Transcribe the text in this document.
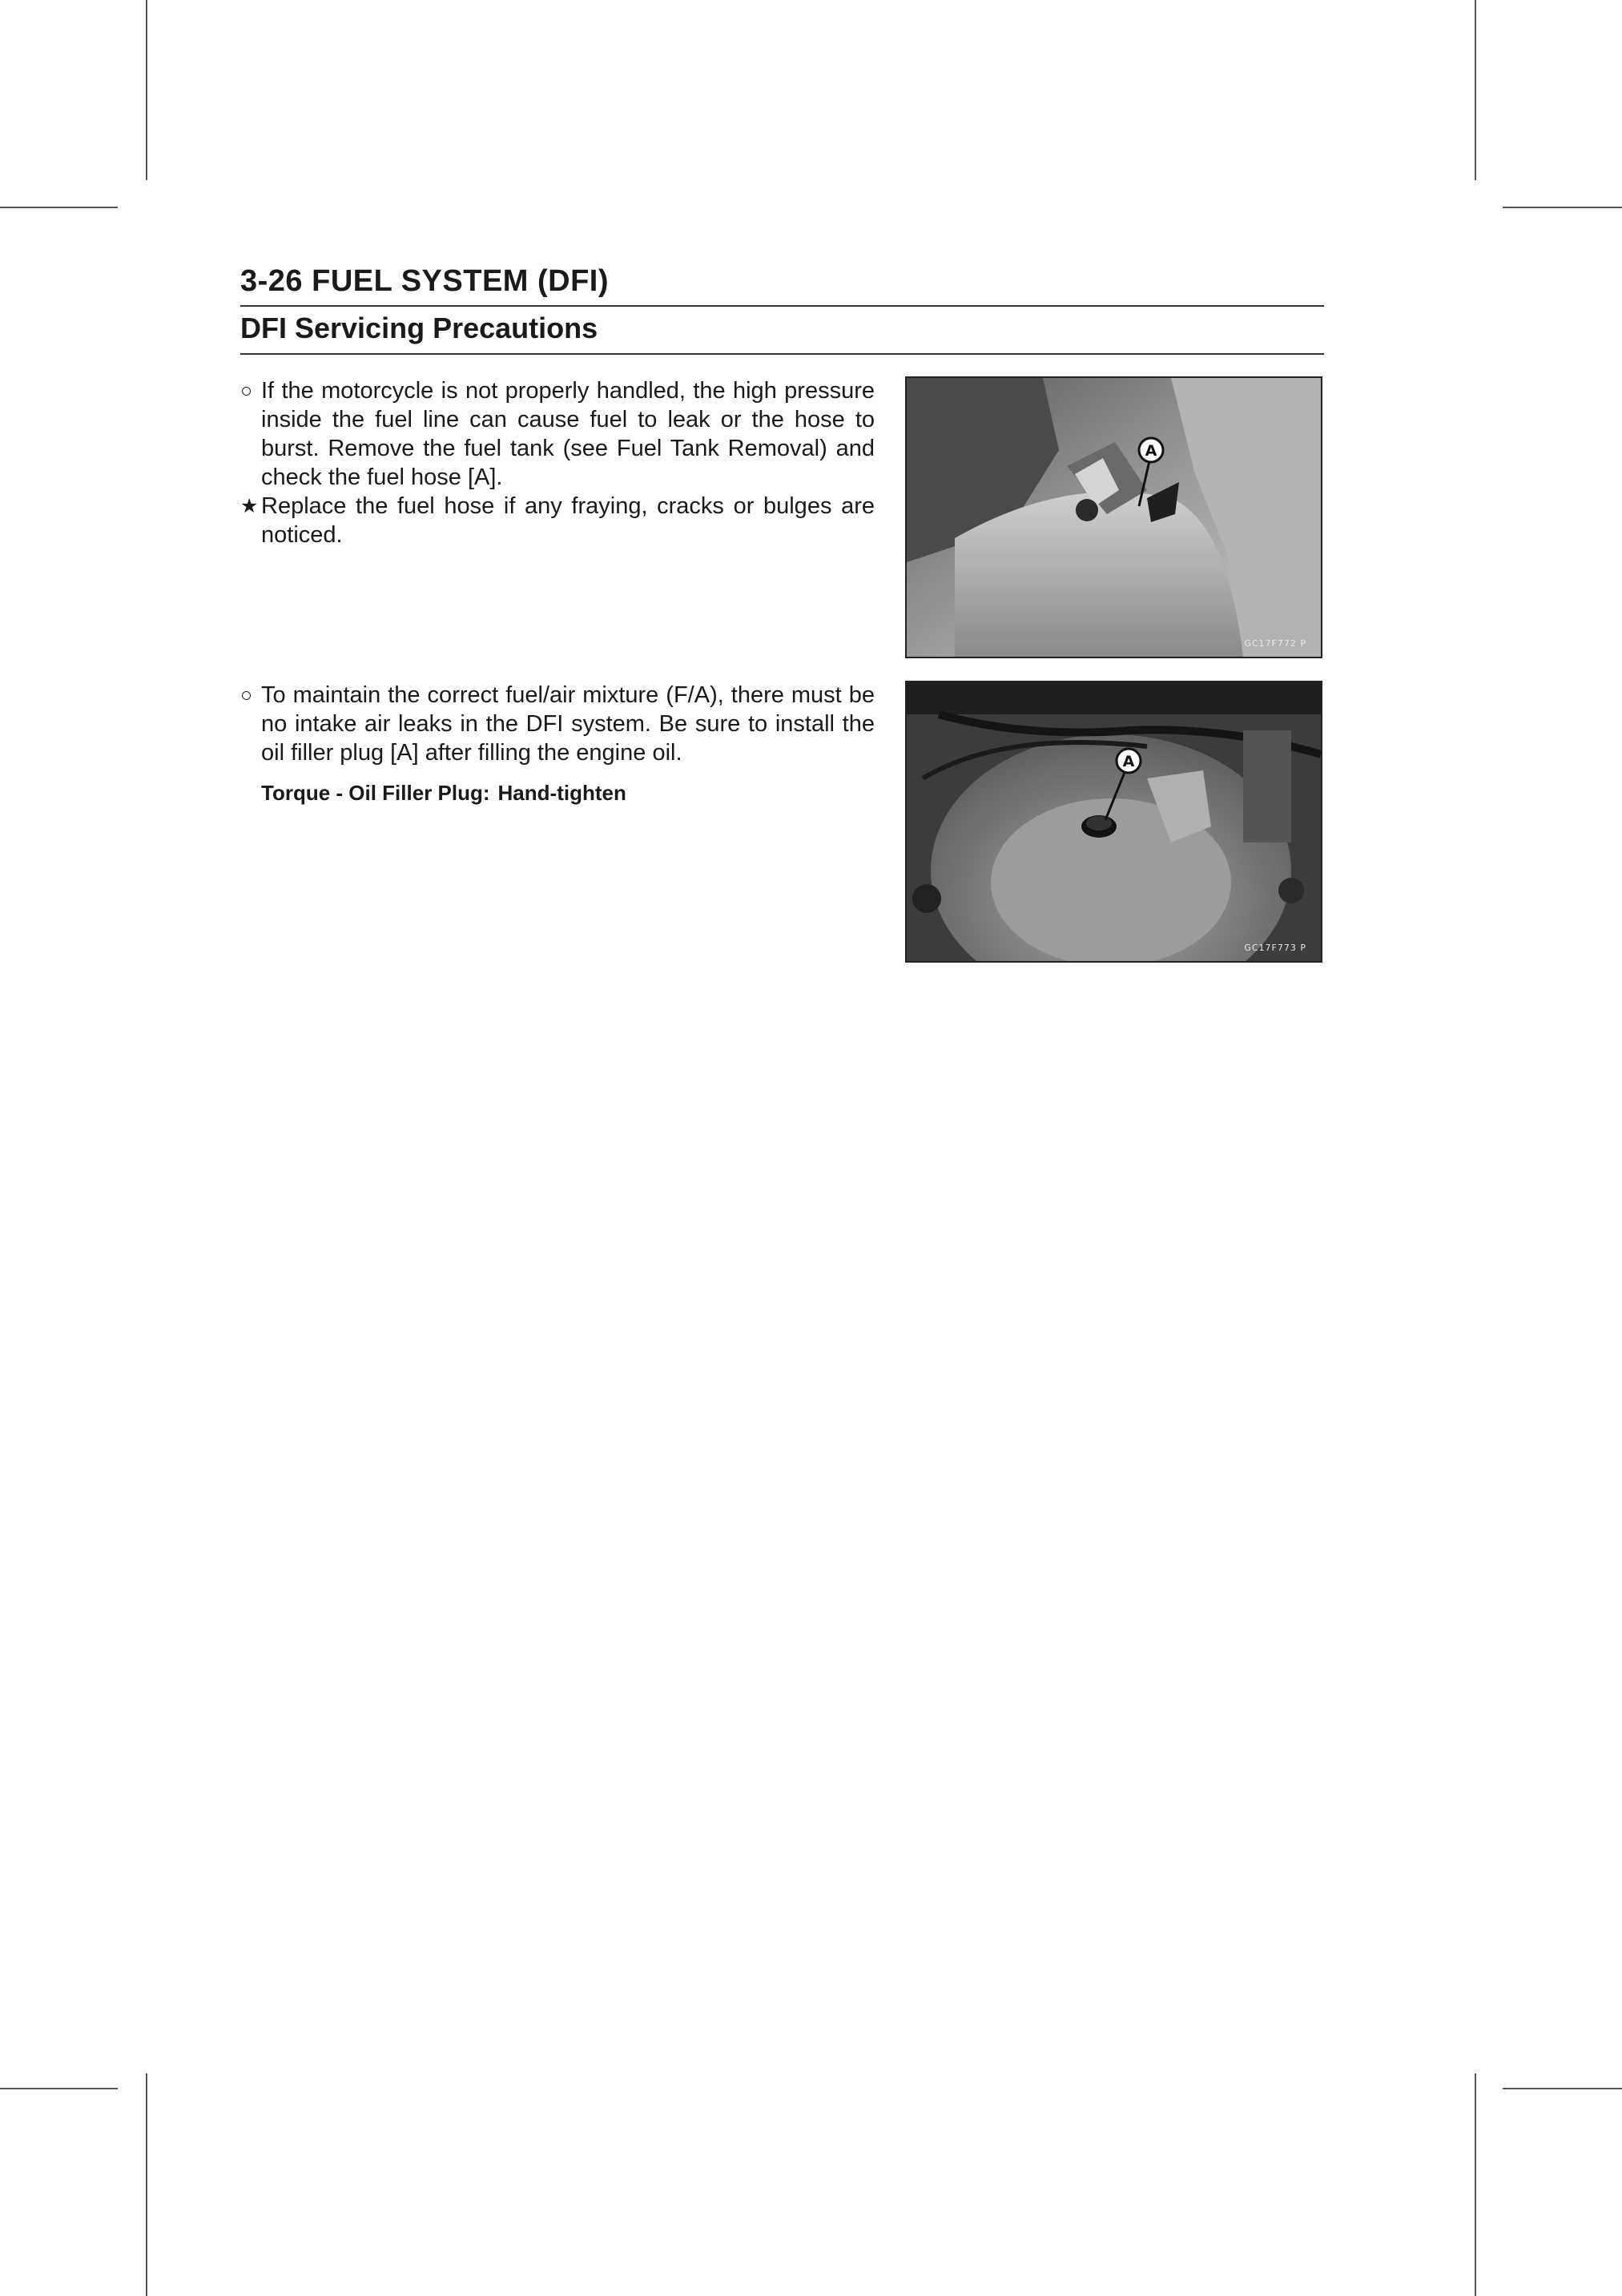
3-26 FUEL SYSTEM (DFI)
DFI Servicing Precautions
○ If the motorcycle is not properly handled, the high pressure inside the fuel line can cause fuel to leak or the hose to burst. Remove the fuel tank (see Fuel Tank Removal) and check the fuel hose [A].
★ Replace the fuel hose if any fraying, cracks or bulges are noticed.
A
GC17F772 P
○ To maintain the correct fuel/air mixture (F/A), there must be no intake air leaks in the DFI system. Be sure to install the oil filler plug [A] after filling the engine oil.
Torque - Oil Filler Plug: Hand-tighten
A
GC17F773 P
